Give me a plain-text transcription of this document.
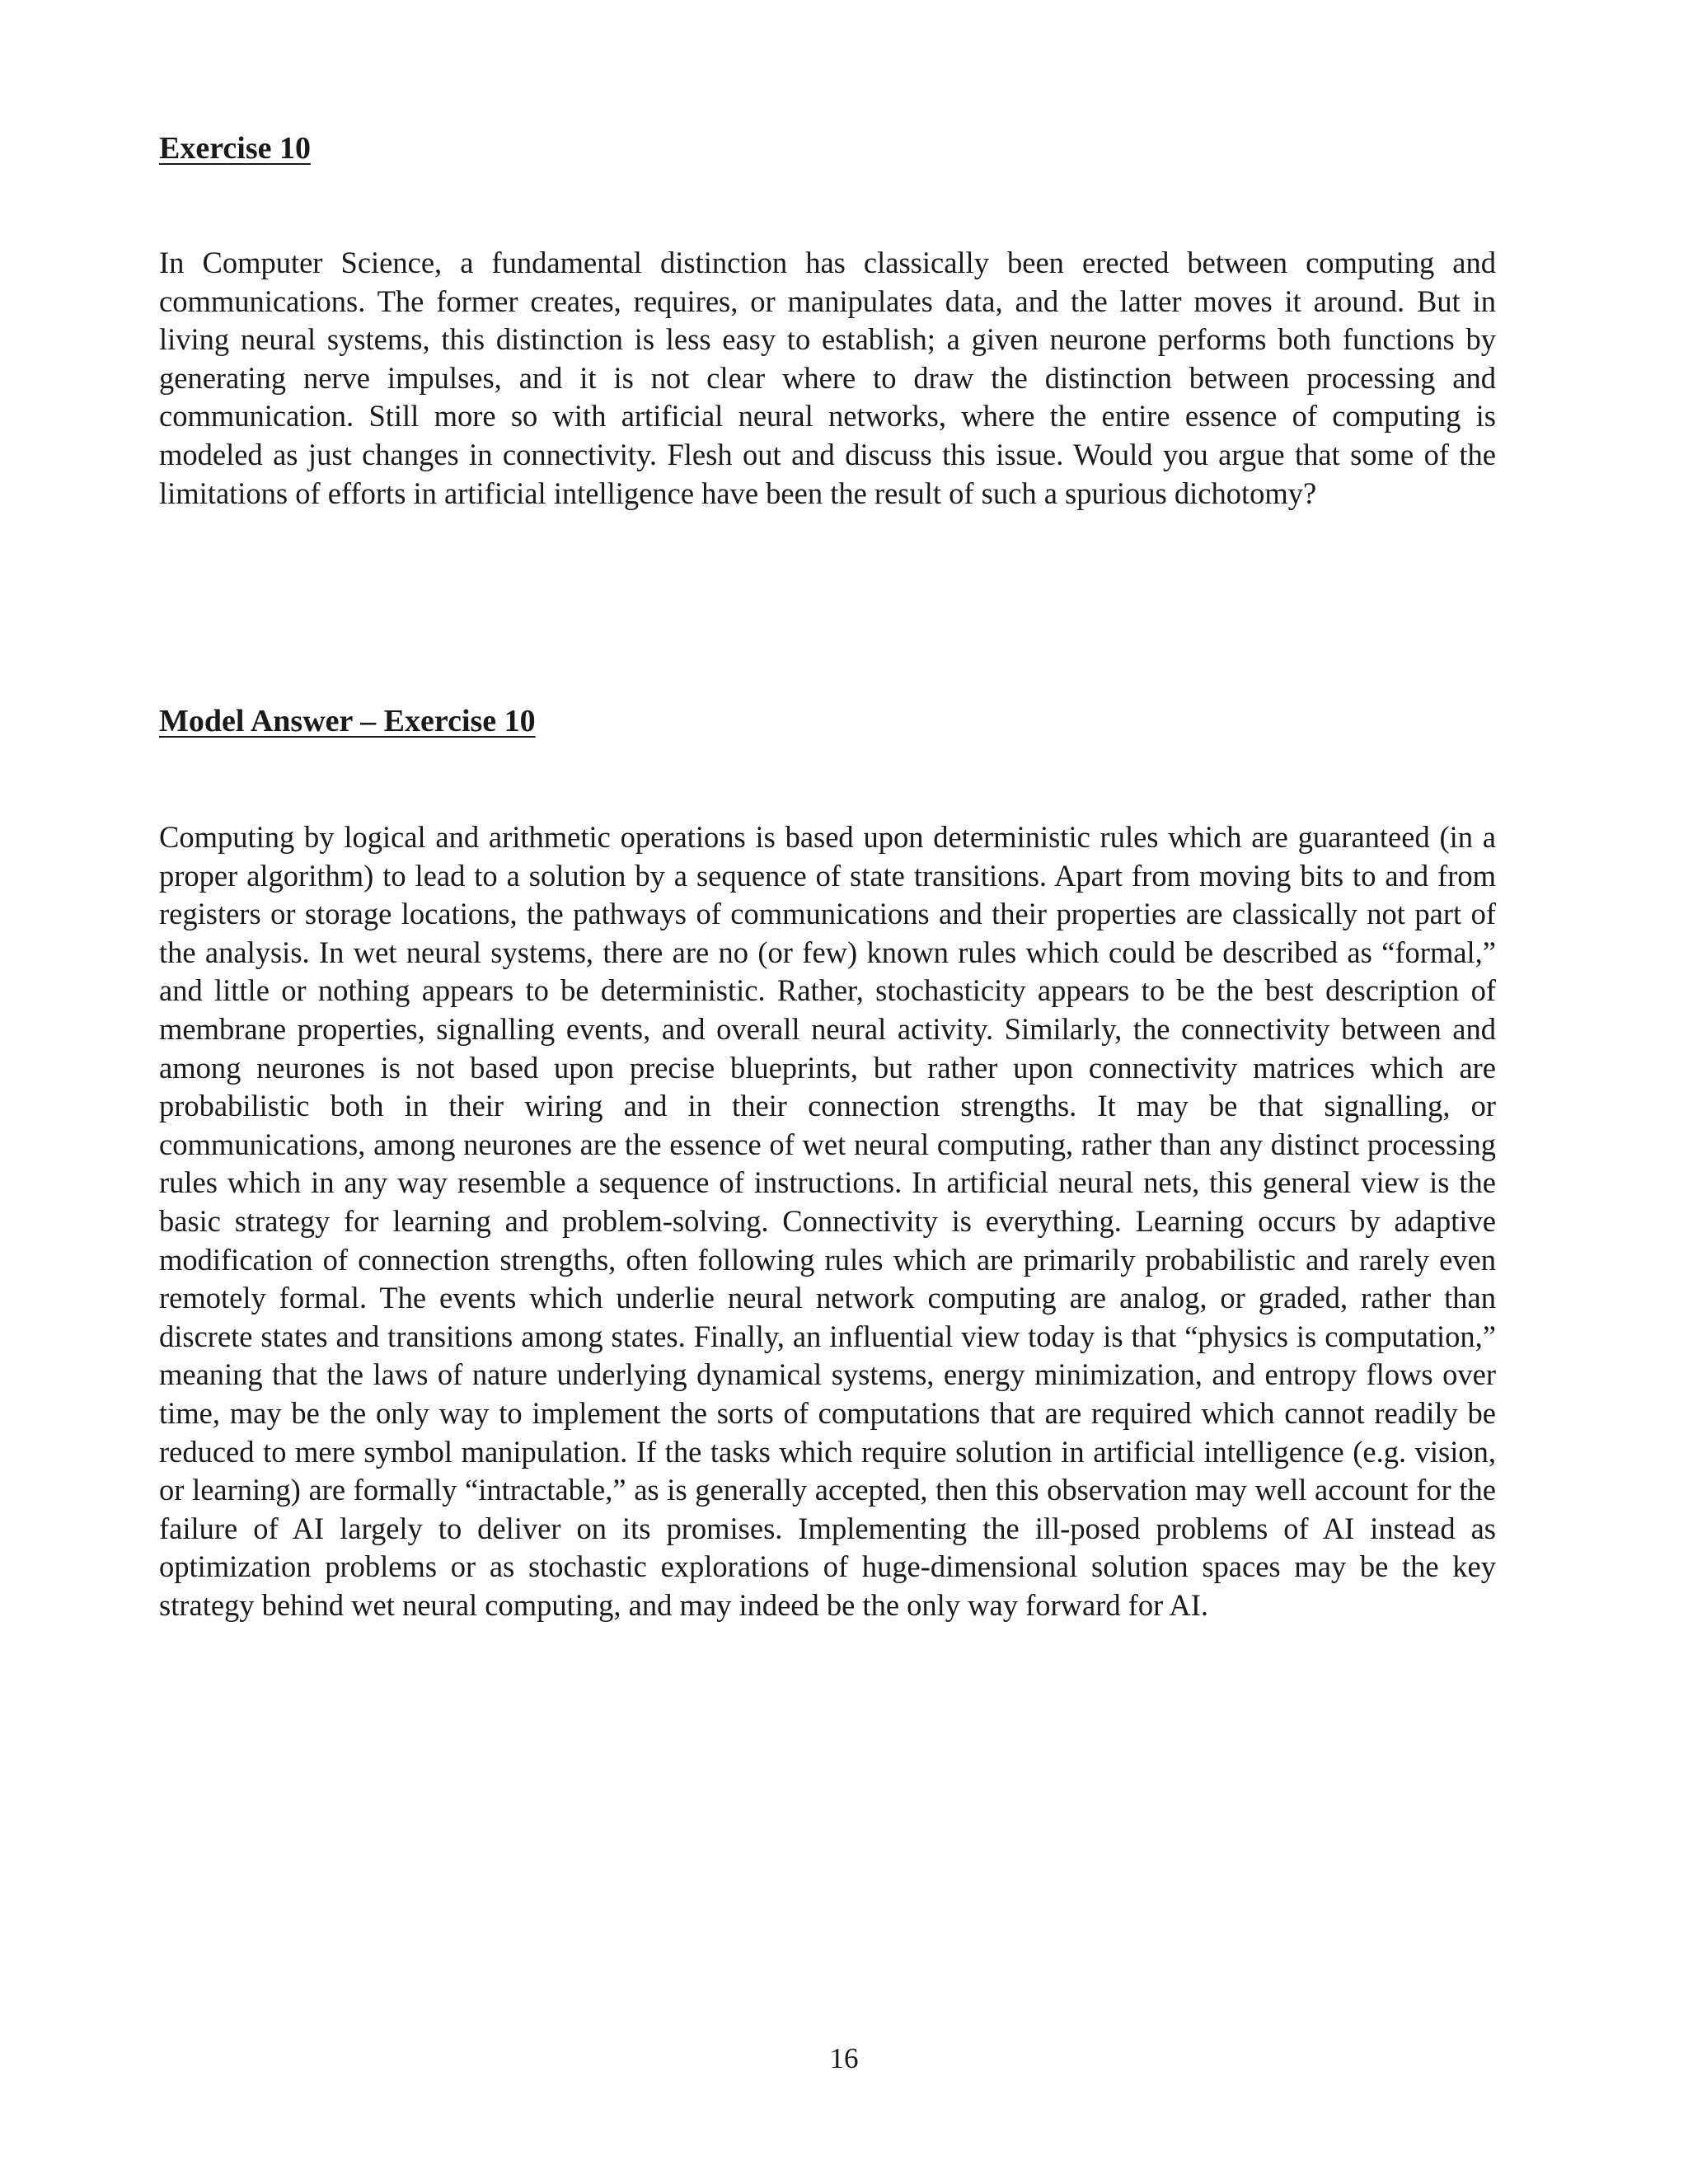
Exercise 10

In Computer Science, a fundamental distinction has classically been erected between computing and communications. The former creates, requires, or manipulates data, and the latter moves it around. But in living neural systems, this distinction is less easy to establish; a given neurone performs both functions by generating nerve impulses, and it is not clear where to draw the distinction between processing and communication. Still more so with artificial neural networks, where the entire essence of computing is modeled as just changes in connectivity. Flesh out and discuss this issue. Would you argue that some of the limitations of efforts in artificial intelligence have been the result of such a spurious dichotomy?

Model Answer – Exercise 10

Computing by logical and arithmetic operations is based upon deterministic rules which are guaranteed (in a proper algorithm) to lead to a solution by a sequence of state transitions. Apart from moving bits to and from registers or storage locations, the pathways of communications and their properties are classically not part of the analysis. In wet neural systems, there are no (or few) known rules which could be described as “formal,” and little or nothing appears to be deterministic. Rather, stochasticity appears to be the best description of membrane properties, signalling events, and overall neural activity. Similarly, the connectivity between and among neurones is not based upon precise blueprints, but rather upon connectivity matrices which are probabilistic both in their wiring and in their connection strengths. It may be that signalling, or communications, among neurones are the essence of wet neural computing, rather than any distinct processing rules which in any way resemble a sequence of instructions. In artificial neural nets, this general view is the basic strategy for learning and problem-solving. Connectivity is everything. Learning occurs by adaptive modification of connection strengths, often following rules which are primarily probabilistic and rarely even remotely formal. The events which underlie neural network computing are analog, or graded, rather than discrete states and transitions among states. Finally, an influential view today is that “physics is computation,” meaning that the laws of nature underlying dynamical systems, energy minimization, and entropy flows over time, may be the only way to implement the sorts of computations that are required which cannot readily be reduced to mere symbol manipulation. If the tasks which require solution in artificial intelligence (e.g. vision, or learning) are formally “intractable,” as is generally accepted, then this observation may well account for the failure of AI largely to deliver on its promises. Implementing the ill-posed problems of AI instead as optimization problems or as stochastic explorations of huge-dimensional solution spaces may be the key strategy behind wet neural computing, and may indeed be the only way forward for AI.

16
